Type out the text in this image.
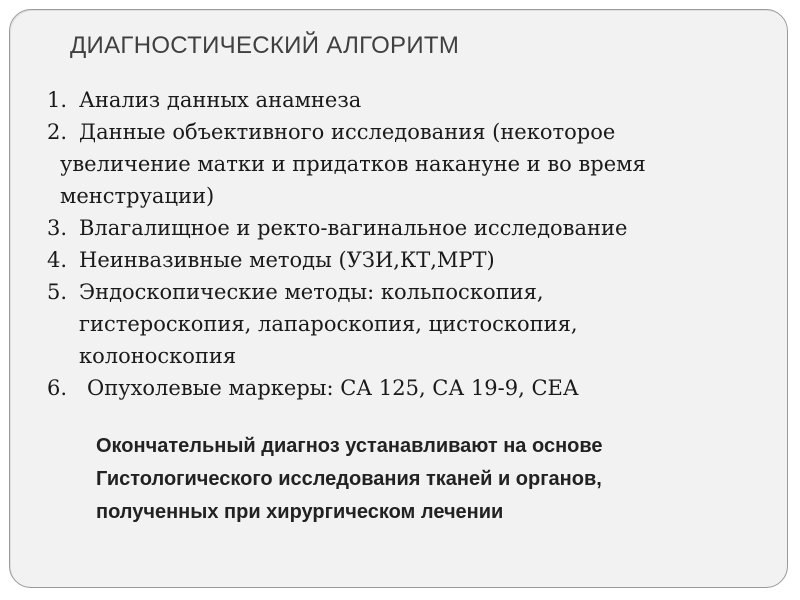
ДИАГНОСТИЧЕСКИЙ АЛГОРИТМ
1. Анализ данных анамнеза
2. Данные объективного исследования (некоторое
увеличение матки и придатков накануне и во время
менструации)
3. Влагалищное и ректо-вагинальное исследование
4. Неинвазивные методы (УЗИ,КТ,МРТ)
5. Эндоскопические методы: кольпоскопия,
гистероскопия, лапароскопия, цистоскопия,
колоноскопия
6. Опухолевые маркеры: СА 125, СА 19-9, СЕА

Окончательный диагноз устанавливают на основе
Гистологического исследования тканей и органов,
полученных при хирургическом лечении
